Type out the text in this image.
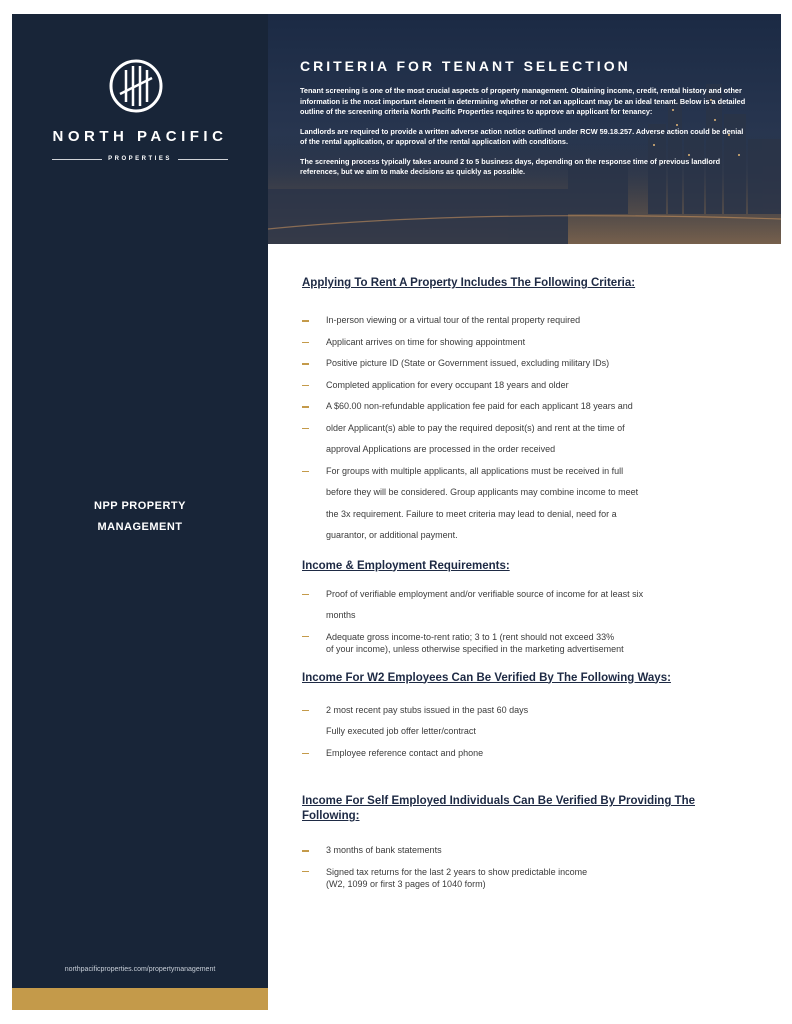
NORTH PACIFIC
PROPERTIES
NPP PROPERTY
MANAGEMENT
northpacificproperties.com/propertymanagement
CRITERIA FOR TENANT SELECTION

Tenant screening is one of the most crucial aspects of property management. Obtaining income, credit, rental history and other information is the most important element in determining whether or not an applicant may be an ideal tenant. Below is a detailed outline of the screening criteria North Pacific Properties requires to approve an applicant for tenancy:

Landlords are required to provide a written adverse action notice outlined under RCW 59.18.257. Adverse action could be denial of the rental application, or approval of the rental application with conditions.

The screening process typically takes around 2 to 5 business days, depending on the response time of previous landlord references, but we aim to make decisions as quickly as possible.

Applying To Rent A Property Includes The Following Criteria:
In-person viewing or a virtual tour of the rental property required
Applicant arrives on time for showing appointment
Positive picture ID (State or Government issued, excluding military IDs)
Completed application for every occupant 18 years and older
A $60.00 non-refundable application fee paid for each applicant 18 years and
older Applicant(s) able to pay the required deposit(s) and rent at the time of
approval Applications are processed in the order received
For groups with multiple applicants, all applications must be received in full
before they will be considered. Group applicants may combine income to meet
the 3x requirement. Failure to meet criteria may lead to denial, need for a
guarantor, or additional payment.
Income & Employment Requirements:
Proof of verifiable employment and/or verifiable source of income for at least six
months
Adequate gross income-to-rent ratio; 3 to 1 (rent should not exceed 33%
of your income), unless otherwise specified in the marketing advertisement
Income For W2 Employees Can Be Verified By The Following Ways:
2 most recent pay stubs issued in the past 60 days
Fully executed job offer letter/contract
Employee reference contact and phone
Income For Self Employed Individuals Can Be Verified By Providing The Following:
3 months of bank statements
Signed tax returns for the last 2 years to show predictable income
(W2, 1099 or first 3 pages of 1040 form)
